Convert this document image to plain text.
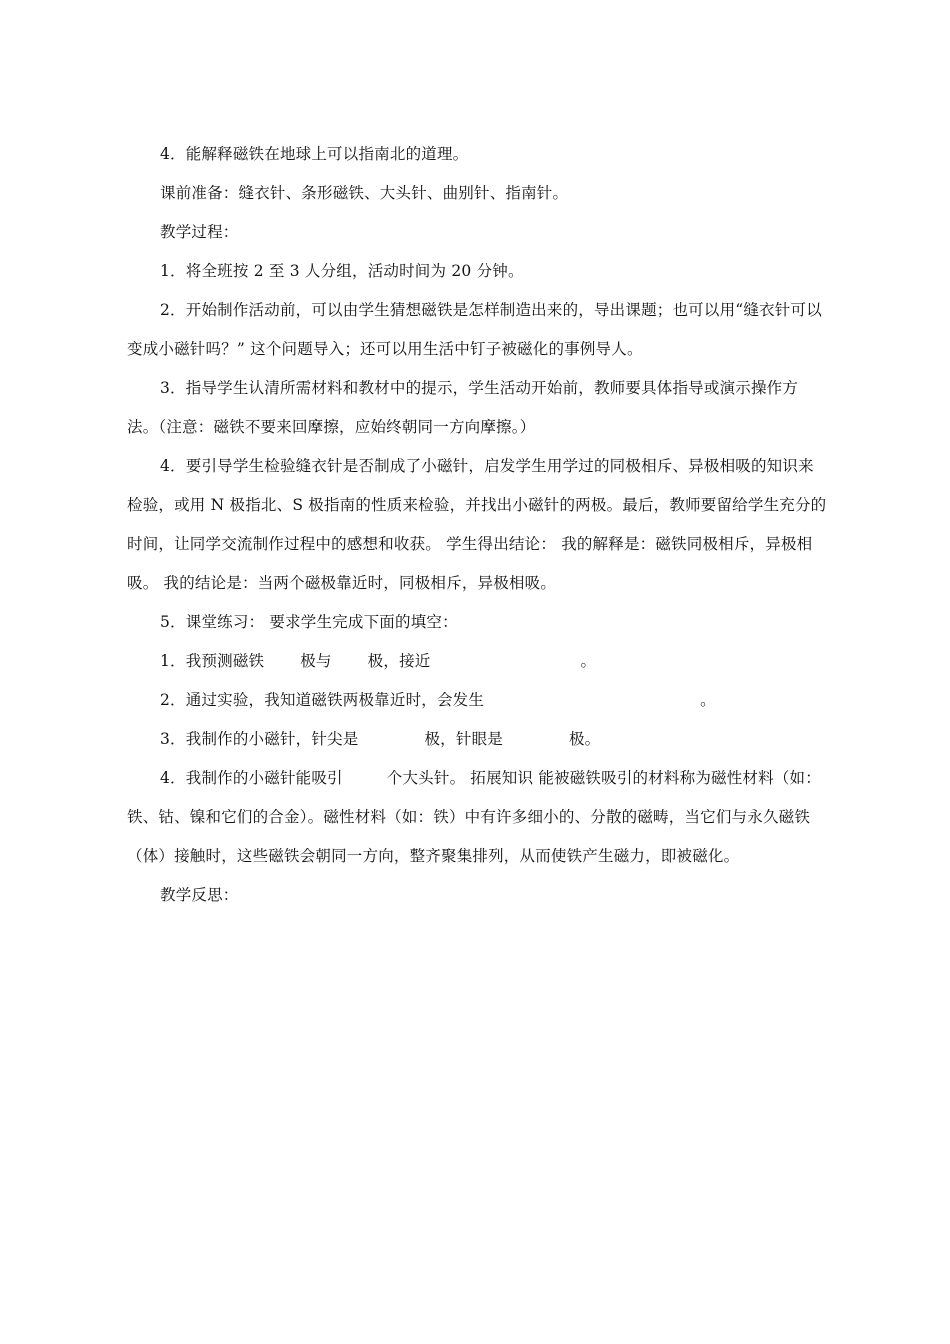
4．能解释磁铁在地球上可以指南北的道理。

课前准备：缝衣针、条形磁铁、大头针、曲别针、指南针。

教学过程：

1．将全班按 2 至 3 人分组，活动时间为 20 分钟。

2．开始制作活动前，可以由学生猜想磁铁是怎样制造出来的，导出课题；也可以用“缝衣针可以变成小磁针吗？” 这个问题导入；还可以用生活中钉子被磁化的事例导人。

3．指导学生认清所需材料和教材中的提示，学生活动开始前，教师要具体指导或演示操作方法。（注意：磁铁不要来回摩擦，应始终朝同一方向摩擦。）

4．要引导学生检验缝衣针是否制成了小磁针，启发学生用学过的同极相斥、异极相吸的知识来检验，或用 N 极指北、S 极指南的性质来检验，并找出小磁针的两极。最后，教师要留给学生充分的时间，让同学交流制作过程中的感想和收获。 学生得出结论： 我的解释是：磁铁同极相斥，异极相吸。 我的结论是：当两个磁极靠近时，同极相斥，异极相吸。

5．课堂练习： 要求学生完成下面的填空：

1．我预测磁铁 极与 极，接近	。

2．通过实验，我知道磁铁两极靠近时，会发生	。

3．我制作的小磁针，针尖是	极，针眼是	极。

4．我制作的小磁针能吸引	个大头针。 拓展知识 能被磁铁吸引的材料称为磁性材料（如：铁、钴、镍和它们的合金）。磁性材料（如：铁）中有许多细小的、分散的磁畴，当它们与永久磁铁（体）接触时，这些磁铁会朝同一方向，整齐聚集排列，从而使铁产生磁力，即被磁化。

教学反思：
